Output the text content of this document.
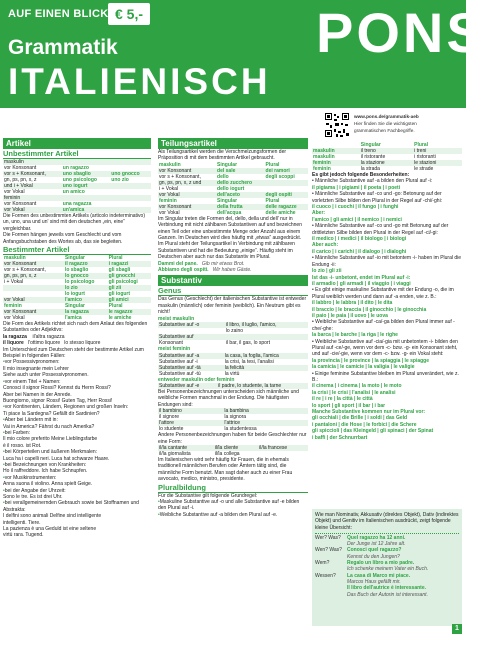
AUF EINEN BLICK € 5,-
Grammatik
ITALIENISCH
PONS
www.pons.de/grammatik-aeb
Hier finden Sie die wichtigsten
grammatischen Fachbegriffe.
Artikel
Unbestimmter Artikel
maskulin		
vor Konsonant	un ragazzo	
vor s + Konsonant,	uno sbaglio	uno gnocco
gn, ps, pn, x, z	uno psicologo	uno zio
und i + Vokal	uno iogurt	
vor Vokal	un amico	
feminin		
vor Konsonant	una ragazza	
vor Vokal	un'amica	
Die Formen des unbestimmten Artikels (articolo indeterminativo) un, uno, una und un' sind mit den deutschen „ein, eine“ vergleichbar.
Die Formen hängen jeweils vom Geschlecht und vom Anfangsbuchstaben des Wortes ab, das sie begleiten.
Bestimmter Artikel
maskulin	Singular	Plural
vor Konsonant	il ragazzo	i ragazzi
vor s + Konsonant,	lo sbaglio	gli sbagli
gn, ps, pn, x, z	lo gnocco	gli gnocchi
i + Vokal	lo psicologo	gli psicologi
	lo zio	gli zii
	lo iogurt	gli iogurt
vor Vokal	l'amico	gli amici
feminin	Singular	Plural
vor Konsonant	la ragazza	le ragazze
vor Vokal	l'amica	le amiche
Die Form des Artikels richtet sich nach dem Anlaut des folgenden Substantivs oder Adjektivs:
la ragazza il'altra ragazza
il liquore l'ottimo liquore lo stesso liquore
Im Unterschied zum Deutschen steht der bestimmte Artikel zum Beispiel in folgenden Fällen:
• vor Possessivpronomen:
Il mio insegnante mein Lehrer
Siehe auch unter Possessivpronomen.
• vor einem Titel + Namen:
Conosci il signor Rossi? Kennst du Herrn Rossi?
Aber bei Namen in der Anrede.
Buongiorno, signor Rossi! Guten Tag, Herr Rossi!
• vor Kontinenten, Ländern, Regionen und großen Inseln:
Ti piace la Sardegna? Gefällt dir Sardinien?
• Aber bei Ländern mit in:
Vai in America? Fährst du nach Amerika?
• bei Farben:
Il mio colore preferito Meine Lieblingsfarbe
è il rosso. ist Rot.
• bei Körperteilen und äußeren Merkmalen:
Luca ha i capelli neri. Luca hat schwarze Haare.
• bei Bezeichnungen von Krankheiten:
Ho il raffreddore. Ich habe Schnupfen.
• vor Musikinstrumenten:
Anna suona il violino. Anna spielt Geige.
• bei der Angabe der Uhrzeit:
Sono le tre. Es ist drei Uhr.
• bei verallgemeinernden Gebrauch sowie bei Stoffnamen und Abstrakta:
I delfini sono animali Delfine sind intelligente
intelligenti. Tiere.
La pazienza è una Geduld ist eine seltene
virtù rara. Tugend.
Teilungsartikel
Als Teilungsartikel werden die Verschmelzungsformen der Präposition di mit dem bestimmten Artikel gebraucht.
maskulin	Singular	Plural
vor Konsonant	del sale	dei ramori
vor s + Konsonant,	dello	degli scoppi
gn, ps, pn, x, z und	dello zucchero	
i + Vokal	dello iogurt	
vor Vokal	dell'aceto	degli ospiti
feminin	Singular	Plural
vor Konsonant	della frutta	delle ragazze
vor Vokal	dell'acqua	delle amiche
Im Singular treten die Formen del, dello, della und dell' nur in Verbindung mit nicht zählbaren Substantiven auf und bezeichnen einen Teil oder eine unbestimmte Menge oder Anzahl aus einem Ganzen. Im Deutschen wird dies häufig mit „etwas“ ausgedrückt.
Im Plural steht der Teilungsartikel in Verbindung mit zählbaren Substantiven und hat die Bedeutung „einige“. Häufig steht im Deutschen aber auch nur das Substantiv im Plural.
Dammi del pane. Gib mir etwas Brot.
Abbiamo degli ospiti. Wir haben Gäste.
Substantiv
Genus
Das Genus (Geschlecht) der italienischen Substantive ist entweder maskulin (männlich) oder feminin (weiblich). Ein Neutrum gibt es nicht!
meist maskulin
Substantive auf -o	il libro, il luglio, l'amico,
	lo zaino
Substantive auf	
Konsonant	il bar, il gas, lo sport
meist feminin
Substantive auf -a	la casa, la foglia, l'amica
Substantive auf -i	la crisi, la tesi, l'analisi
Substantive auf -tà	la felicità
Substantive auf -tù	la virtù
entweder maskulin oder feminin
Substantive auf -e	il padre, lo studente, la tarne
Bei Personenbezeichnungen unterscheiden sich männliche und weibliche Formen manchmal in der Endung. Die häufigsten Endungen sind:
il bambino	la bambina
il signore	la signora
l'attore	l'attrice
lo studente	la studentessa
Andere Personenbezeichnungen haben für beide Geschlechter nur eine Form:
il/la cantante	il/la cliente	il/la francese
il/la giornalista	il/la collega	
Im Italienischen wird sehr häufig für Frauen, die in ehemals traditionell männlichen Berufen oder Ämtern tätig sind, die männliche Form benutzt. Man sagt daher auch zu einer Frau avvocato, medico, ministro, presidente.
Pluralbildung
Für die Substantive gilt folgende Grundregel:
• Maskuline Substantive auf -o und alle Substantive auf -e bilden den Plural auf -i.
• Weibliche Substantive auf -a bilden den Plural auf -e.
	Singular	Plural
maskulin	il treno	i treni
maskulin	il ristorante	i ristoranti
feminin	la stazione	le stazioni
feminin	la strada	le strade
Es gibt jedoch folgende Besonderheiten:
• Männliche Substantive auf -a bilden den Plural auf -i:
il pigiama | i pigiami | il poeta | i poeti
• Männliche Substantive auf -co und -go: Betonung auf der vorletzten Silbe bilden den Plural in der Regel auf -chi/-ghi:
il cuoco | i cuochi | il fungo | i funghi
Aber:
l'amico | gli amici | il nemico | i nemici
• Männliche Substantive auf -co und -go mit Betonung auf der drittletzten Silbe bilden den Plural in der Regel auf -ci/-gi:
il medico | i medici | il biologo | i biologi
Aber auch:
il carico | i carichi | il dialogo | i dialoghi
• Männliche Substantive auf -io mit betontem -i- haben im Plural die Endung -ii:
lo zio | gli zii
Ist das -i- unbetont, endet im Plural auf -i:
il armadio | gli armadi | il viaggio | i viaggi
• Es gibt einige maskuline Substantive mit der Endung -o, die im Plural weiblich werden und dann auf -a enden, wie z. B.:
il labbro | le labbra | il dito | le dita
il braccio | le braccia | il ginocchio | le ginocchia
il paio | le paia | il uovo | le uova
• Weibliche Substantive auf -ca/-ga bilden den Plural immer auf -che/-ghe:
la barca | le barche | la riga | le righe
• Weibliche Substantive auf -cia/-gia mit unbetontem -i- bilden den Plural auf -ce/-ge, wenn vor dem -c- bzw. -g- ein Konsonant steht, und auf -cie/-gie, wenn vor dem -c- bzw. -g- ein Vokal steht:
la provincia | le province | la spiaggia | le spiagge
la camicia | le camicie | la valigia | le valigie
• Einige feminine Substantive bleiben im Plural unverändert, wie z. B.:
il cinema | i cinema | la moto | le moto
la crisi | le crisi | l'analisi | le analisi
il re | i re | la città | le città
lo sport | gli sport | il bar | i bar
Manche Substantive kommen nur im Plural vor:
gli occhiali | die Brille | i soldi | das Geld
i pantaloni | die Hose | le forbici | die Schere
gli spiccioli | das Kleingeld | gli spinaci | der Spinat
i baffi | der Schnurrbart
Wie man Nominativ, Akkusativ (direktes Objekt), Dativ (indirektes Objekt) und Genitiv im Italienischen ausdrückt, zeigt folgende kleine Übersicht:
Wer? Was?	Quel ragazzo ha 12 anni.
Der Junge ist 12 Jahre alt.
Wen? Was?	Conosci quel ragazzo?
Kennst du den Jungen?
Wem?	Regalo un libro a mio padre.
Ich schenke meinem Vater ein Buch.
Wessen?	La casa di Marco mi piace.
Marcos Haus gefällt mir.
Il libro dell'autrice è interessante.
Das Buch der Autorin ist interessant.
1
